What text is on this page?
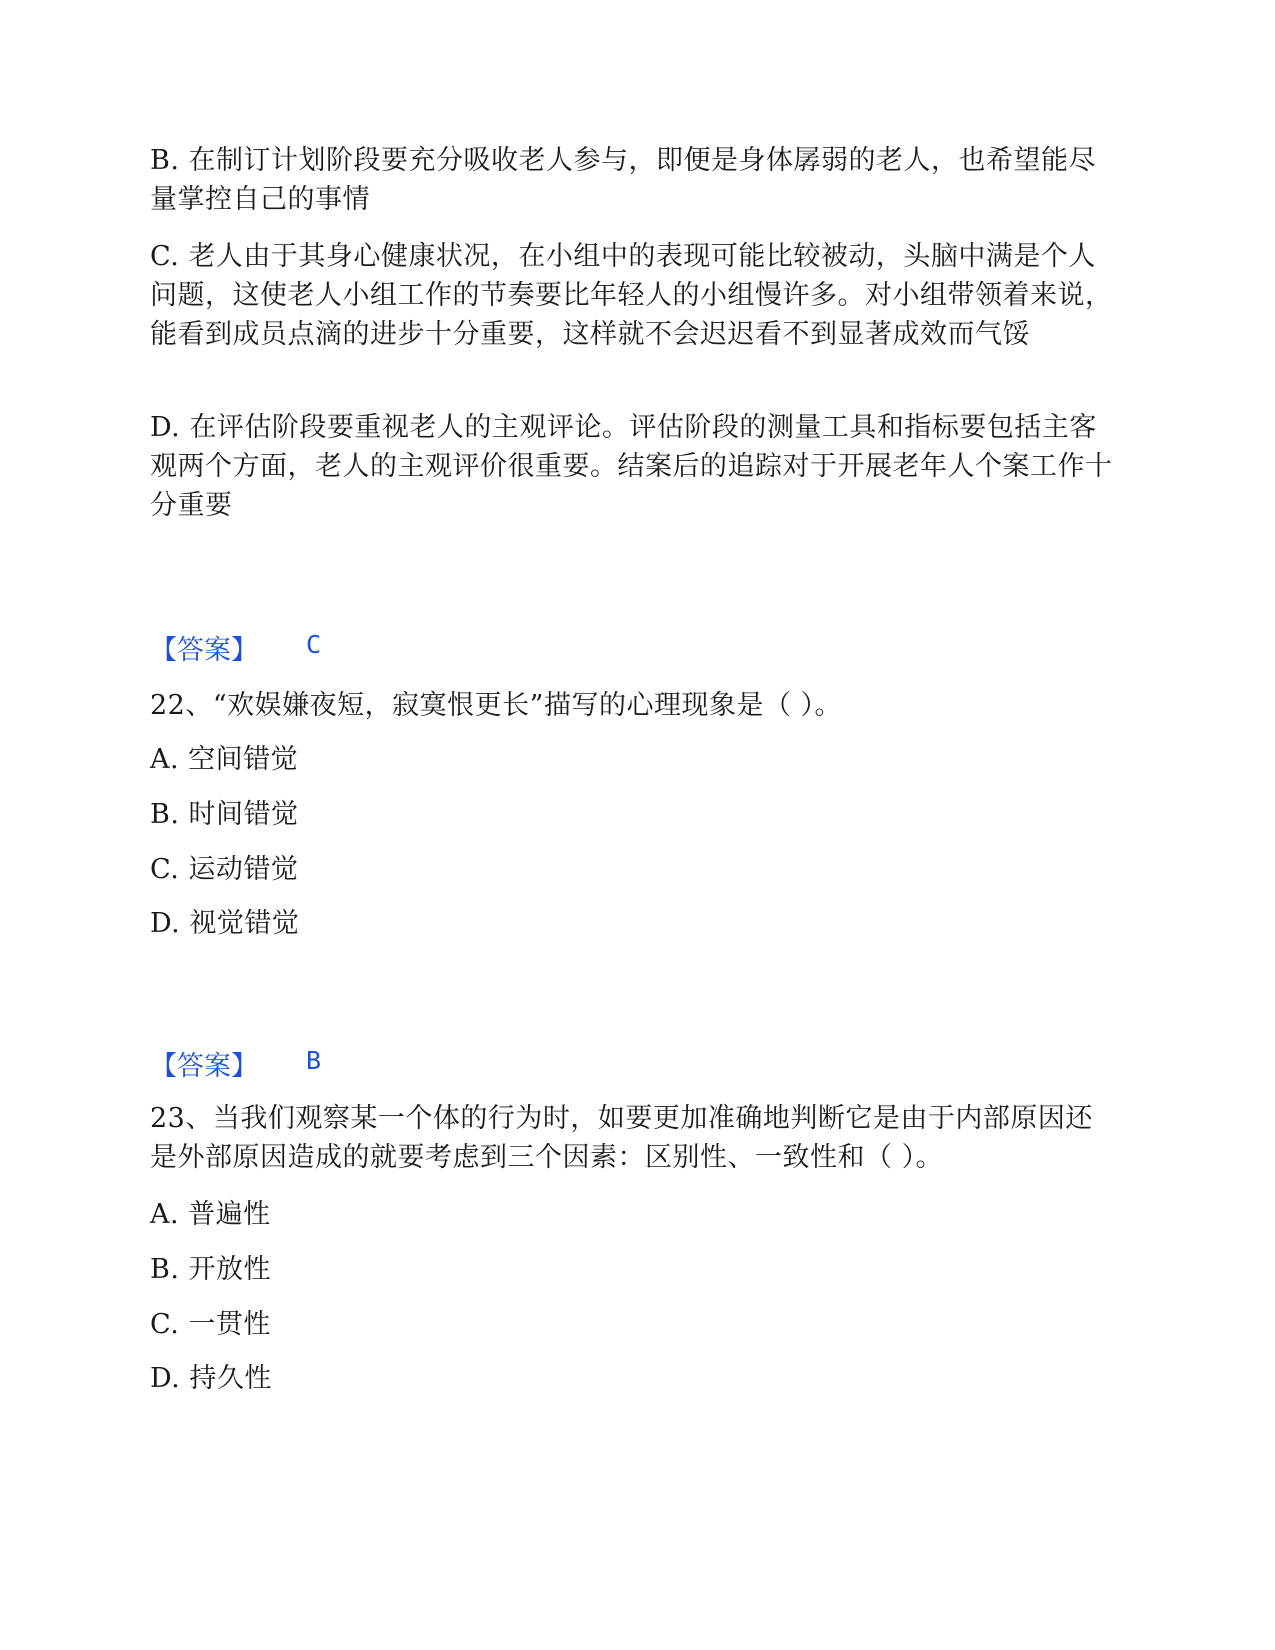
B. 在制订计划阶段要充分吸收老人参与，即便是身体孱弱的老人，也希望能尽量掌控自己的事情
C. 老人由于其身心健康状况，在小组中的表现可能比较被动，头脑中满是个人问题，这使老人小组工作的节奏要比年轻人的小组慢许多。对小组带领着来说，能看到成员点滴的进步十分重要，这样就不会迟迟看不到显著成效而气馁
D. 在评估阶段要重视老人的主观评论。评估阶段的测量工具和指标要包括主客观两个方面，老人的主观评价很重要。结案后的追踪对于开展老年人个案工作十分重要
【答案】 C
22、“欢娱嫌夜短，寂寞恨更长”描写的心理现象是（ ）。
A. 空间错觉
B. 时间错觉
C. 运动错觉
D. 视觉错觉
【答案】 B
23、当我们观察某一个体的行为时，如要更加准确地判断它是由于内部原因还是外部原因造成的就要考虑到三个因素：区别性、一致性和（ ）。
A. 普遍性
B. 开放性
C. 一贯性
D. 持久性
